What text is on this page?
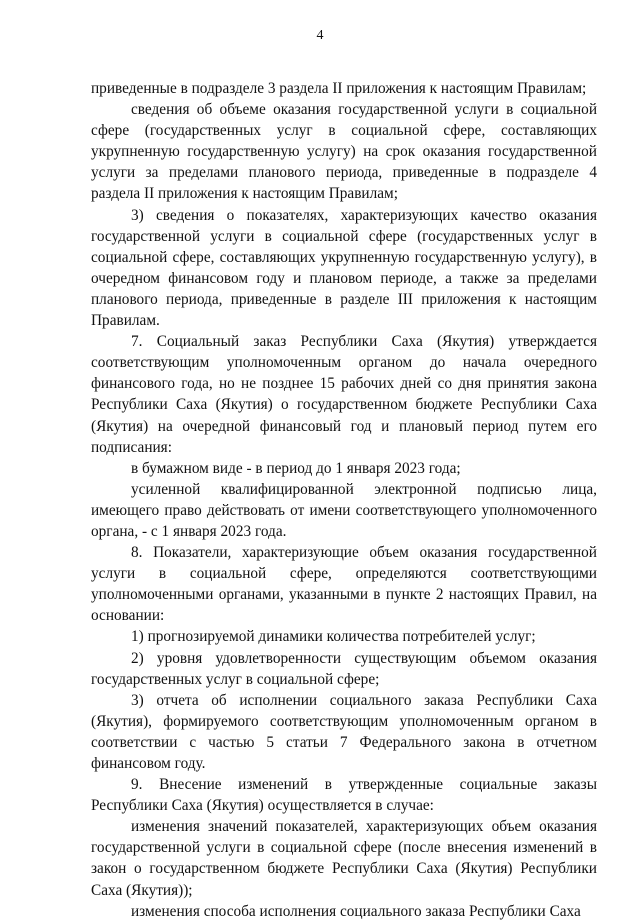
4

приведенные в подразделе 3 раздела II приложения к настоящим Правилам;

сведения об объеме оказания государственной услуги в социальной сфере (государственных услуг в социальной сфере, составляющих укрупненную государственную услугу) на срок оказания государственной услуги за пределами планового периода, приведенные в подразделе 4 раздела II приложения к настоящим Правилам;

3) сведения о показателях, характеризующих качество оказания государственной услуги в социальной сфере (государственных услуг в социальной сфере, составляющих укрупненную государственную услугу), в очередном финансовом году и плановом периоде, а также за пределами планового периода, приведенные в разделе III приложения к настоящим Правилам.

7. Социальный заказ Республики Саха (Якутия) утверждается соответствующим уполномоченным органом до начала очередного финансового года, но не позднее 15 рабочих дней со дня принятия закона Республики Саха (Якутия) о государственном бюджете Республики Саха (Якутия) на очередной финансовый год и плановый период путем его подписания:

в бумажном виде - в период до 1 января 2023 года;

усиленной квалифицированной электронной подписью лица, имеющего право действовать от имени соответствующего уполномоченного органа, - с 1 января 2023 года.

8. Показатели, характеризующие объем оказания государственной услуги в социальной сфере, определяются соответствующими уполномоченными органами, указанными в пункте 2 настоящих Правил, на основании:

1) прогнозируемой динамики количества потребителей услуг;

2) уровня удовлетворенности существующим объемом оказания государственных услуг в социальной сфере;

3) отчета об исполнении социального заказа Республики Саха (Якутия), формируемого соответствующим уполномоченным органом в соответствии с частью 5 статьи 7 Федерального закона в отчетном финансовом году.

9. Внесение изменений в утвержденные социальные заказы Республики Саха (Якутия) осуществляется в случае:

изменения значений показателей, характеризующих объем оказания государственной услуги в социальной сфере (после внесения изменений в закон о государственном бюджете Республики Саха (Якутия) Республики Саха (Якутия));

изменения способа исполнения социального заказа Республики Саха
